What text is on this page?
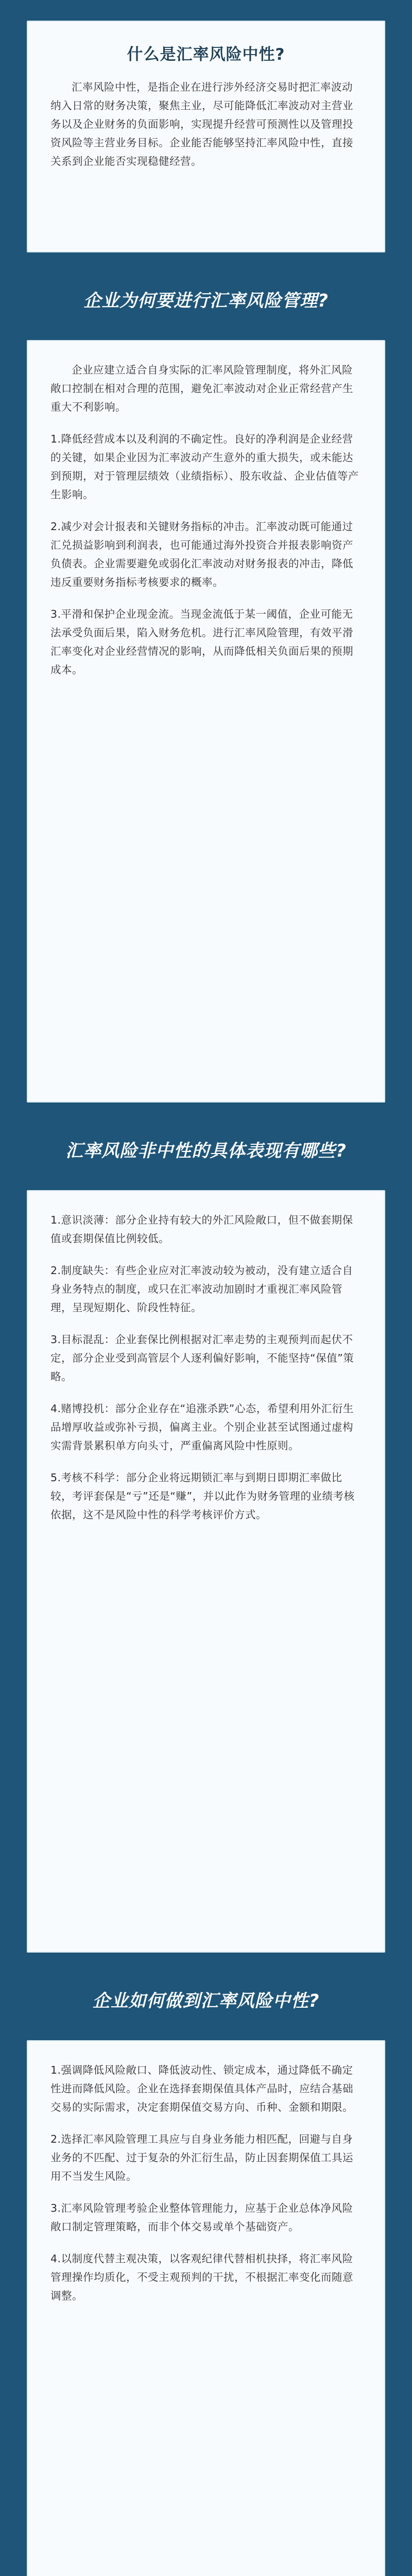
什么是汇率风险中性?

汇率风险中性，是指企业在进行涉外经济交易时把汇率波动纳入日常的财务决策，聚焦主业，尽可能降低汇率波动对主营业务以及企业财务的负面影响，实现提升经营可预测性以及管理投资风险等主营业务目标。企业能否能够坚持汇率风险中性，直接关系到企业能否实现稳健经营。

企业为何要进行汇率风险管理?

企业应建立适合自身实际的汇率风险管理制度，将外汇风险敞口控制在相对合理的范围，避免汇率波动对企业正常经营产生重大不利影响。

1.降低经营成本以及利润的不确定性。良好的净利润是企业经营的关键，如果企业因为汇率波动产生意外的重大损失，或未能达到预期，对于管理层绩效（业绩指标）、股东收益、企业估值等产生影响。

2.减少对会计报表和关键财务指标的冲击。汇率波动既可能通过汇兑损益影响到利润表，也可能通过海外投资合并报表影响资产负债表。企业需要避免或弱化汇率波动对财务报表的冲击，降低违反重要财务指标考核要求的概率。

3.平滑和保护企业现金流。当现金流低于某一阈值，企业可能无法承受负面后果，陷入财务危机。进行汇率风险管理，有效平滑汇率变化对企业经营情况的影响，从而降低相关负面后果的预期成本。

汇率风险非中性的具体表现有哪些?

1.意识淡薄：部分企业持有较大的外汇风险敞口，但不做套期保值或套期保值比例较低。

2.制度缺失：有些企业应对汇率波动较为被动，没有建立适合自身业务特点的制度，或只在汇率波动加剧时才重视汇率风险管理，呈现短期化、阶段性特征。

3.目标混乱：企业套保比例根据对汇率走势的主观预判而起伏不定，部分企业受到高管层个人逐利偏好影响，不能坚持“保值”策略。

4.赌博投机：部分企业存在“追涨杀跌”心态，希望利用外汇衍生品增厚收益或弥补亏损，偏离主业。个别企业甚至试图通过虚构实需背景累积单方向头寸，严重偏离风险中性原则。

5.考核不科学：部分企业将远期锁汇率与到期日即期汇率做比较，考评套保是“亏”还是“赚”，并以此作为财务管理的业绩考核依据，这不是风险中性的科学考核评价方式。

企业如何做到汇率风险中性?

1.强调降低风险敞口、降低波动性、锁定成本，通过降低不确定性进而降低风险。企业在选择套期保值具体产品时，应结合基础交易的实际需求，决定套期保值交易方向、币种、金额和期限。

2.选择汇率风险管理工具应与自身业务能力相匹配，回避与自身业务的不匹配、过于复杂的外汇衍生品，防止因套期保值工具运用不当发生风险。

3.汇率风险管理考验企业整体管理能力，应基于企业总体净风险敞口制定管理策略，而非个体交易或单个基础资产。

4.以制度代替主观决策，以客观纪律代替相机抉择，将汇率风险管理操作均质化，不受主观预判的干扰，不根据汇率变化而随意调整。
